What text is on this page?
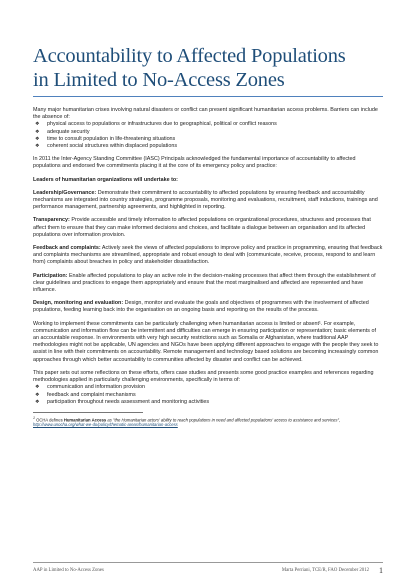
Accountability to Affected Populations
in Limited to No-Access Zones

Many major humanitarian crises involving natural disasters or conflict can present significant humanitarian access problems. Barriers can include the absence of:

❖ physical access to populations or infrastructures due to geographical, political or conflict reasons
❖ adequate security
❖ time to consult population in life-threatening situations
❖ coherent social structures within displaced populations

In 2011 the Inter-Agency Standing Committee (IASC) Principals acknowledged the fundamental importance of accountability to affected populations and endorsed five commitments placing it at the core of its emergency policy and practice:

Leaders of humanitarian organizations will undertake to:

Leadership/Governance: Demonstrate their commitment to accountability to affected populations by ensuring feedback and accountability mechanisms are integrated into country strategies, programme proposals, monitoring and evaluations, recruitment, staff inductions, trainings and performance management, partnership agreements, and highlighted in reporting.

Transparency: Provide accessible and timely information to affected populations on organizational procedures, structures and processes that affect them to ensure that they can make informed decisions and choices, and facilitate a dialogue between an organisation and its affected populations over information provision.

Feedback and complaints: Actively seek the views of affected populations to improve policy and practice in programming, ensuring that feedback and complaints mechanisms are streamlined, appropriate and robust enough to deal with (communicate, receive, process, respond to and learn from) complaints about breaches in policy and stakeholder dissatisfaction.

Participation: Enable affected populations to play an active role in the decision-making processes that affect them through the establishment of clear guidelines and practices to engage them appropriately and ensure that the most marginalised and affected are represented and have influence.

Design, monitoring and evaluation: Design, monitor and evaluate the goals and objectives of programmes with the involvement of affected populations, feeding learning back into the organisation on an ongoing basis and reporting on the results of the process.

Working to implement these commitments can be particularly challenging when humanitarian access is limited or absent¹. For example, communication and information flow can be intermittent and difficulties can emerge in ensuring participation or representation; basic elements of an accountable response. In environments with very high security restrictions such as Somalia or Afghanistan, where traditional AAP methodologies might not be applicable, UN agencies and NGOs have been applying different approaches to engage with the people they seek to assist in line with their commitments on accountability. Remote management and technology based solutions are becoming increasingly common approaches through which better accountability to communities affected by disaster and conflict can be achieved.

This paper sets out some reflections on these efforts, offers case studies and presents some good practice examples and references regarding methodologies applied in particularly challenging environments, specifically in terms of:

❖ communication and information provision
❖ feedback and complaint mechanisms
❖ participation throughout needs assessment and monitoring activities
$^1$ OCHA defines Humanitarian Access as "the Humanitarian actors' ability to reach populations in need and affected populations' access to assistance and services", http://www.unocha.org/what-we-do/policy/thematic-areas/humanitarian-access
AAP in Limited to No-Access Zones	Marta Perriani, TCE/R, FAO December 2012 1
